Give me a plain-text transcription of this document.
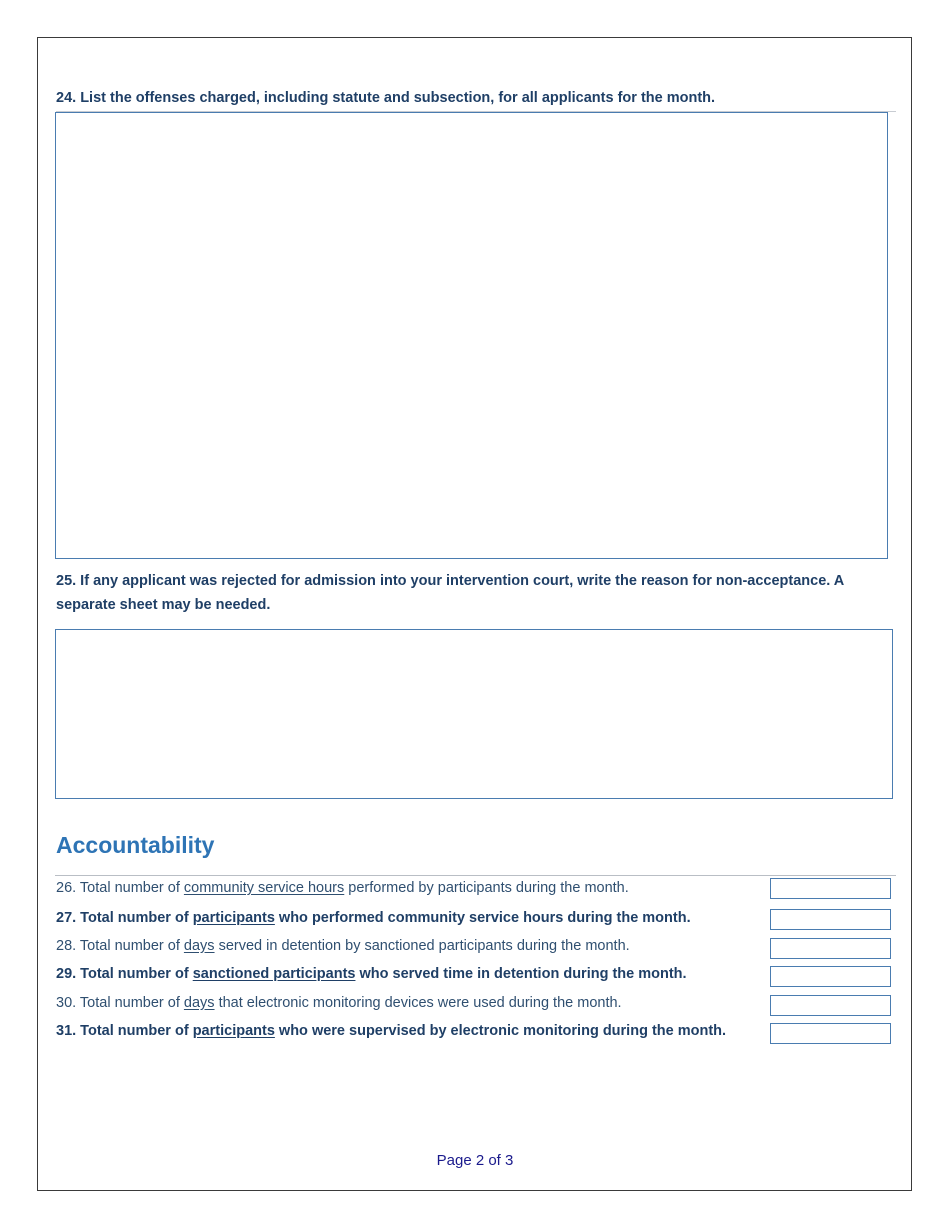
24. List the offenses charged, including statute and subsection, for all applicants for the month.
25. If any applicant was rejected for admission into your intervention court, write the reason for non-acceptance. A separate sheet may be needed.
Accountability
26. Total number of community service hours performed by participants during the month.
27. Total number of participants who performed community service hours during the month.
28. Total number of days served in detention by sanctioned participants during the month.
29. Total number of sanctioned participants who served time in detention during the month.
30. Total number of days that electronic monitoring devices were used during the month.
31. Total number of participants who were supervised by electronic monitoring during the month.
Page 2 of 3
